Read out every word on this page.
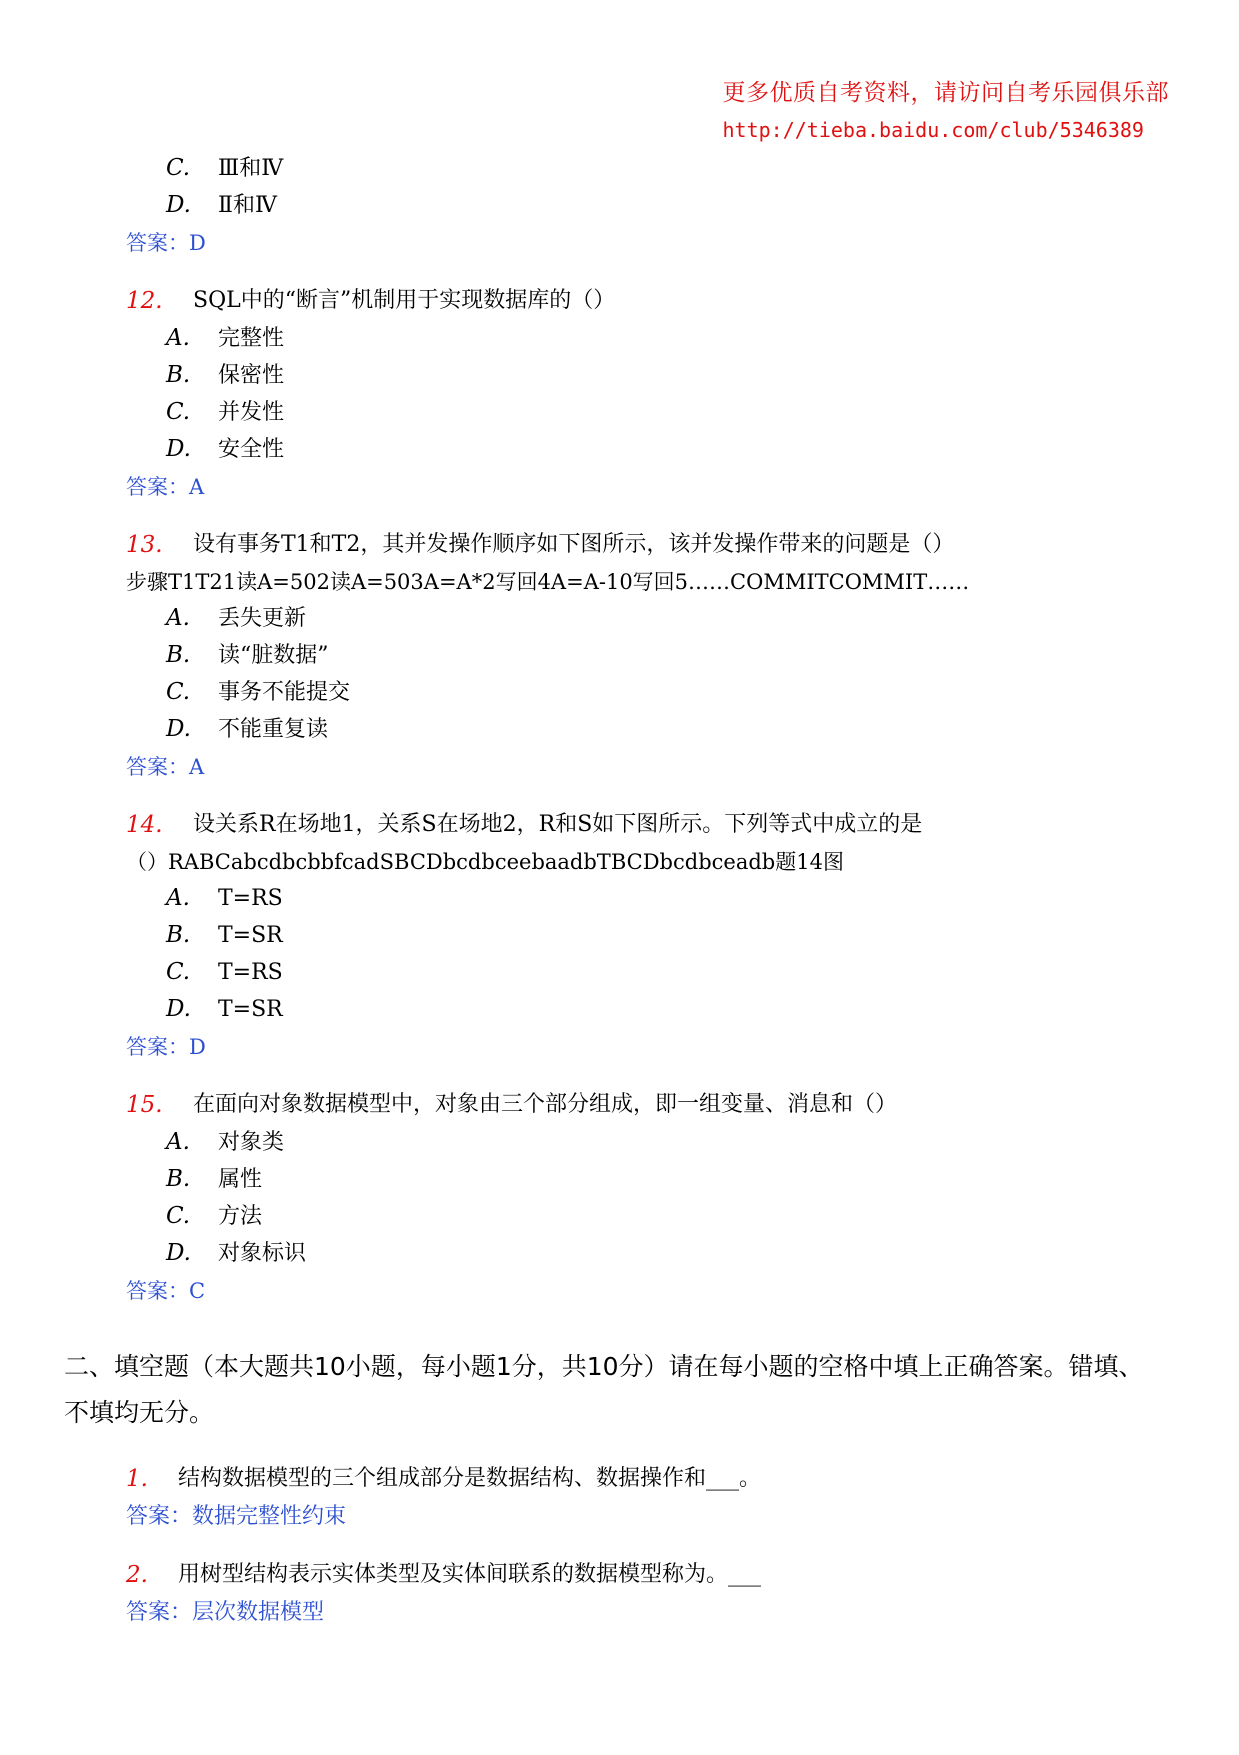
更多优质自考资料，请访问自考乐园俱乐部
http://tieba.baidu.com/club/5346389
C. Ⅲ和Ⅳ
D. Ⅱ和Ⅳ
答案：D
12. SQL中的“断言”机制用于实现数据库的（）
A. 完整性
B. 保密性
C. 并发性
D. 安全性
答案：A
13. 设有事务T1和T2，其并发操作顺序如下图所示，该并发操作带来的问题是（）
步骤T1T21读A=502读A=503A=A*2写回4A=A-10写回5……COMMITCOMMIT……
A. 丢失更新
B. 读“脏数据”
C. 事务不能提交
D. 不能重复读
答案：A
14. 设关系R在场地1，关系S在场地2，R和S如下图所示。下列等式中成立的是
（）RABCabcdbcbbfcadSBCDbcdbceebaadbTBCDbcdbceadb题14图
A. T=RS
B. T=SR
C. T=RS
D. T=SR
答案：D
15. 在面向对象数据模型中，对象由三个部分组成，即一组变量、消息和（）
A. 对象类
B. 属性
C. 方法
D. 对象标识
答案：C
二、填空题（本大题共10小题，每小题1分，共10分）请在每小题的空格中填上正确答案。错填、不填均无分。
1. 结构数据模型的三个组成部分是数据结构、数据操作和___。
答案：数据完整性约束
2. 用树型结构表示实体类型及实体间联系的数据模型称为。___
答案：层次数据模型
